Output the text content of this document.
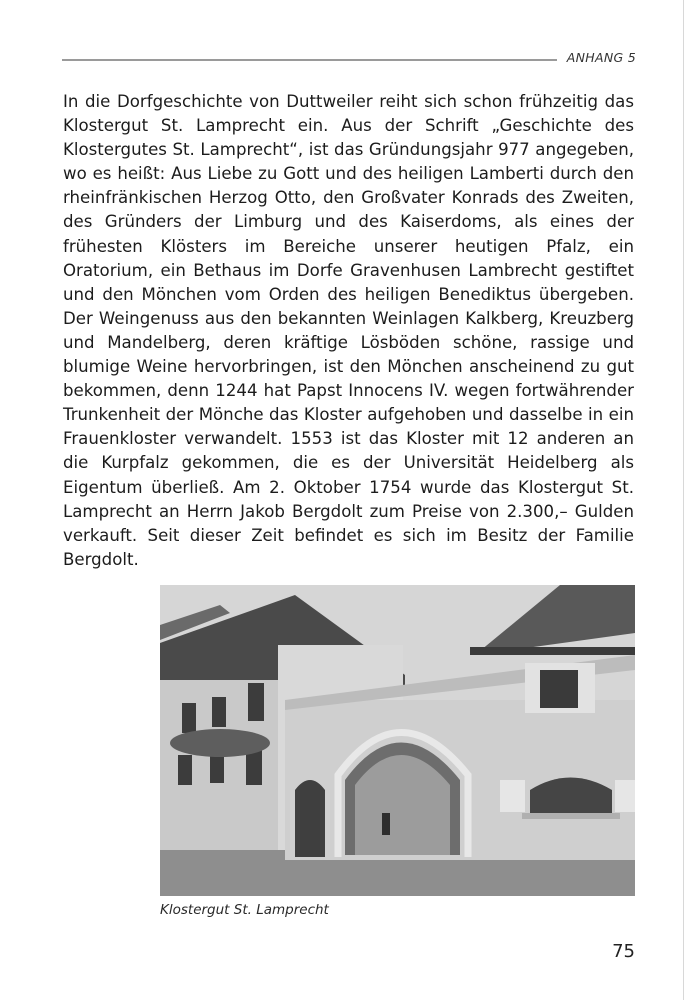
ANHANG 5

In die Dorfgeschichte von Duttweiler reiht sich schon frühzeitig das Klostergut St. Lamprecht ein. Aus der Schrift „Geschichte des Klostergutes St. Lamprecht“, ist das Gründungsjahr 977 angegeben, wo es heißt: Aus Liebe zu Gott und des heiligen Lamberti durch den rheinfränkischen Herzog Otto, den Großvater Konrads des Zweiten, des Gründers der Limburg und des Kaiserdoms, als eines der frühesten Klösters im Bereiche unserer heutigen Pfalz, ein Oratorium, ein Bethaus im Dorfe Gravenhusen Lambrecht gestiftet und den Mönchen vom Orden des heiligen Benediktus übergeben. Der Weingenuss aus den bekannten Weinlagen Kalkberg, Kreuzberg und Mandelberg, deren kräftige Lösböden schöne, rassige und blumige Weine hervorbringen, ist den Mönchen anscheinend zu gut bekommen, denn 1244 hat Papst Innocens IV. wegen fortwährender Trunkenheit der Mönche das Kloster aufgehoben und dasselbe in ein Frauenkloster verwandelt. 1553 ist das Kloster mit 12 anderen an die Kurpfalz gekommen, die es der Universität Heidelberg als Eigentum überließ. Am 2. Oktober 1754 wurde das Klostergut St. Lamprecht an Herrn Jakob Bergdolt zum Preise von 2.300,– Gulden verkauft. Seit dieser Zeit befindet es sich im Besitz der Familie Bergdolt.

Klostergut St. Lamprecht
75
